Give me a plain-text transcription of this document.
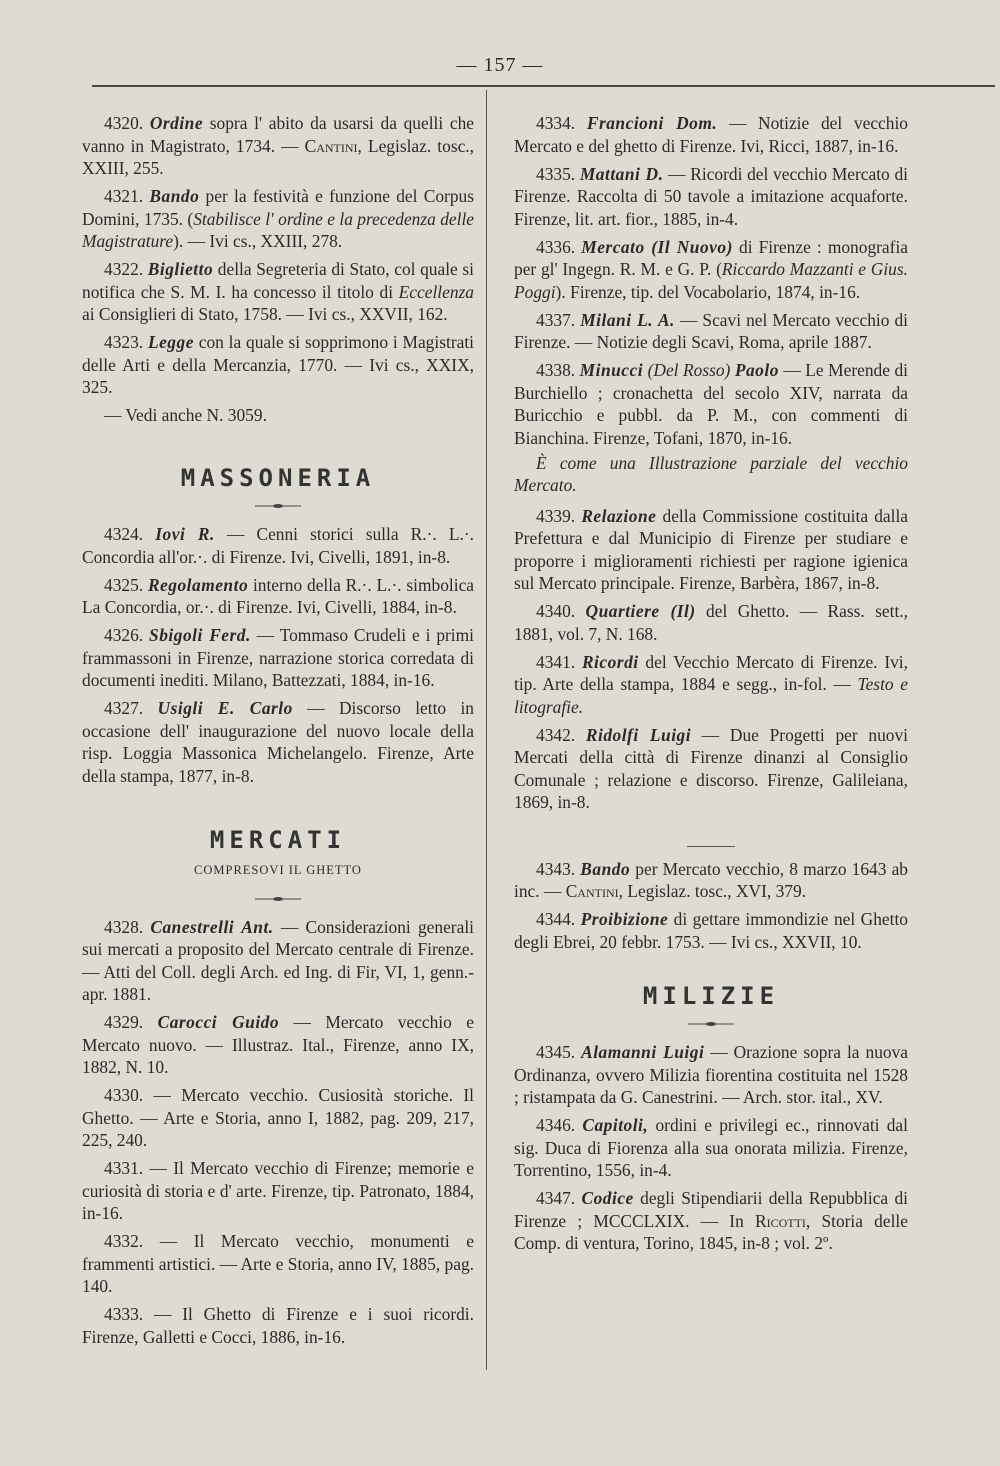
— 157 —

4320. Ordine sopra l' abito da usarsi da quelli che vanno in Magistrato, 1734. — Cantini, Legislaz. tosc., XXIII, 255.

4321. Bando per la festività e funzione del Corpus Domini, 1735. (Stabilisce l' ordine e la precedenza delle Magistrature). — Ivi cs., XXIII, 278.

4322. Biglietto della Segreteria di Stato, col quale si notifica che S. M. I. ha concesso il titolo di Eccellenza ai Consiglieri di Stato, 1758. — Ivi cs., XXVII, 162.

4323. Legge con la quale si sopprimono i Magistrati delle Arti e della Mercanzia, 1770. — Ivi cs., XXIX, 325.

— Vedi anche N. 3059.

MASSONERIA

4324. Iovi R. — Cenni storici sulla R.·. L.·. Concordia all'or.·. di Firenze. Ivi, Civelli, 1891, in-8.

4325. Regolamento interno della R.·. L.·. simbolica La Concordia, or.·. di Firenze. Ivi, Civelli, 1884, in-8.

4326. Sbigoli Ferd. — Tommaso Crudeli e i primi frammassoni in Firenze, narrazione storica corredata di documenti inediti. Milano, Battezzati, 1884, in-16.

4327. Usigli E. Carlo — Discorso letto in occasione dell' inaugurazione del nuovo locale della risp. Loggia Massonica Michelangelo. Firenze, Arte della stampa, 1877, in-8.

MERCATI

COMPRESOVI IL GHETTO

4328. Canestrelli Ant. — Considerazioni generali sui mercati a proposito del Mercato centrale di Firenze. — Atti del Coll. degli Arch. ed Ing. di Fir, VI, 1, genn.-apr. 1881.

4329. Carocci Guido — Mercato vecchio e Mercato nuovo. — Illustraz. Ital., Firenze, anno IX, 1882, N. 10.

4330. — Mercato vecchio. Cusiosità storiche. Il Ghetto. — Arte e Storia, anno I, 1882, pag. 209, 217, 225, 240.

4331. — Il Mercato vecchio di Firenze; memorie e curiosità di storia e d' arte. Firenze, tip. Patronato, 1884, in-16.

4332. — Il Mercato vecchio, monumenti e frammenti artistici. — Arte e Storia, anno IV, 1885, pag. 140.

4333. — Il Ghetto di Firenze e i suoi ricordi. Firenze, Galletti e Cocci, 1886, in-16.

4334. Francioni Dom. — Notizie del vecchio Mercato e del ghetto di Firenze. Ivi, Ricci, 1887, in-16.

4335. Mattani D. — Ricordi del vecchio Mercato di Firenze. Raccolta di 50 tavole a imitazione acquaforte. Firenze, lit. art. fior., 1885, in-4.

4336. Mercato (Il Nuovo) di Firenze : monografia per gl' Ingegn. R. M. e G. P. (Riccardo Mazzanti e Gius. Poggi). Firenze, tip. del Vocabolario, 1874, in-16.

4337. Milani L. A. — Scavi nel Mercato vecchio di Firenze. — Notizie degli Scavi, Roma, aprile 1887.

4338. Minucci (Del Rosso) Paolo — Le Merende di Burchiello ; cronachetta del secolo XIV, narrata da Buricchio e pubbl. da P. M., con commenti di Bianchina. Firenze, Tofani, 1870, in-16.

È come una Illustrazione parziale del vecchio Mercato.

4339. Relazione della Commissione costituita dalla Prefettura e dal Municipio di Firenze per studiare e proporre i miglioramenti richiesti per ragione igienica sul Mercato principale. Firenze, Barbèra, 1867, in-8.

4340. Quartiere (Il) del Ghetto. — Rass. sett., 1881, vol. 7, N. 168.

4341. Ricordi del Vecchio Mercato di Firenze. Ivi, tip. Arte della stampa, 1884 e segg., in-fol. — Testo e litografie.

4342. Ridolfi Luigi — Due Progetti per nuovi Mercati della città di Firenze dinanzi al Consiglio Comunale ; relazione e discorso. Firenze, Galileiana, 1869, in-8.

4343. Bando per Mercato vecchio, 8 marzo 1643 ab inc. — Cantini, Legislaz. tosc., XVI, 379.

4344. Proibizione di gettare immondizie nel Ghetto degli Ebrei, 20 febbr. 1753. — Ivi cs., XXVII, 10.

MILIZIE

4345. Alamanni Luigi — Orazione sopra la nuova Ordinanza, ovvero Milizia fiorentina costituita nel 1528 ; ristampata da G. Canestrini. — Arch. stor. ital., XV.

4346. Capitoli, ordini e privilegi ec., rinnovati dal sig. Duca di Fiorenza alla sua onorata milizia. Firenze, Torrentino, 1556, in-4.

4347. Codice degli Stipendiarii della Repubblica di Firenze ; MCCCLXIX. — In Ricotti, Storia delle Comp. di ventura, Torino, 1845, in-8 ; vol. 2º.
